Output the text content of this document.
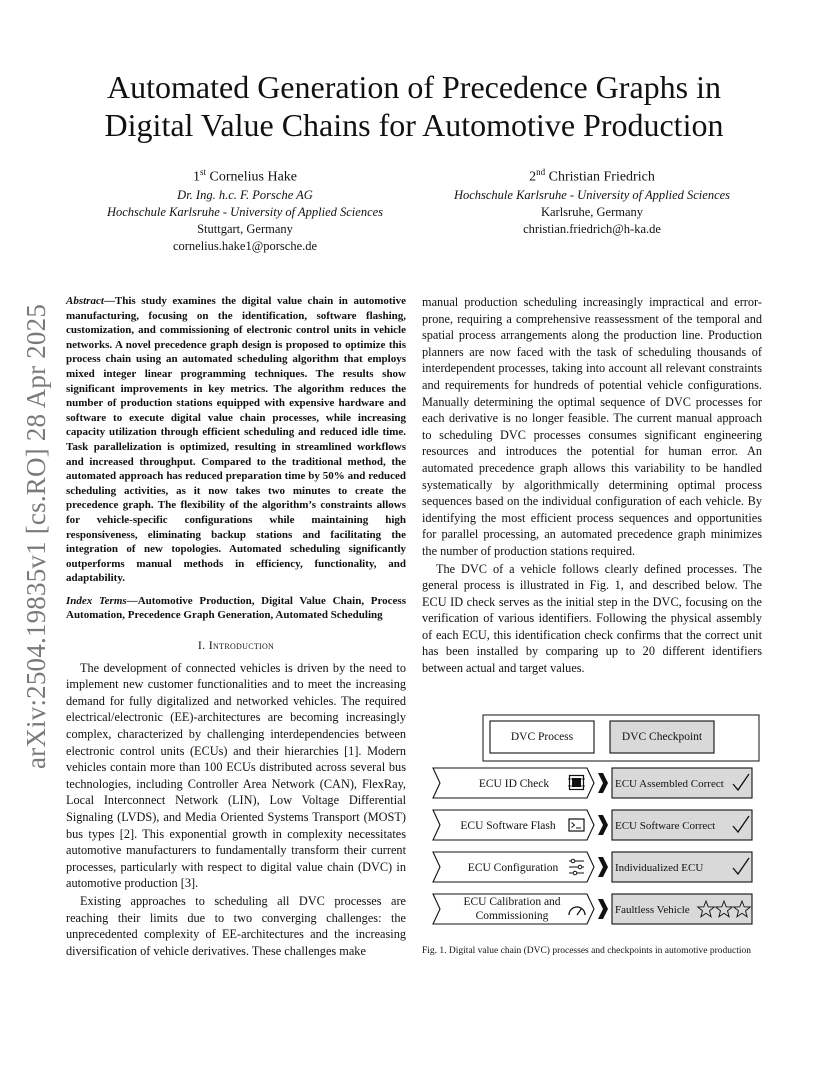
arXiv:2504.19835v1 [cs.RO] 28 Apr 2025
Automated Generation of Precedence Graphs in
Digital Value Chains for Automotive Production
1st Cornelius Hake
Dr. Ing. h.c. F. Porsche AG
Hochschule Karlsruhe - University of Applied Sciences
Stuttgart, Germany
cornelius.hake1@porsche.de
2nd Christian Friedrich
Hochschule Karlsruhe - University of Applied Sciences
Karlsruhe, Germany
christian.friedrich@h-ka.de

Abstract—This study examines the digital value chain in automotive manufacturing, focusing on the identification, software flashing, customization, and commissioning of electronic control units in vehicle networks. A novel precedence graph design is proposed to optimize this process chain using an automated scheduling algorithm that employs mixed integer linear programming techniques. The results show significant improvements in key metrics. The algorithm reduces the number of production stations equipped with expensive hardware and software to execute digital value chain processes, while increasing capacity utilization through efficient scheduling and reduced idle time. Task parallelization is optimized, resulting in streamlined workflows and increased throughput. Compared to the traditional method, the automated approach has reduced preparation time by 50% and reduced scheduling activities, as it now takes two minutes to create the precedence graph. The flexibility of the algorithm’s constraints allows for vehicle-specific configurations while maintaining high responsiveness, eliminating backup stations and facilitating the integration of new topologies. Automated scheduling significantly outperforms manual methods in efficiency, functionality, and adaptability.

Index Terms—Automotive Production, Digital Value Chain, Process Automation, Precedence Graph Generation, Automated Scheduling

I. Introduction

The development of connected vehicles is driven by the need to implement new customer functionalities and to meet the increasing demand for fully digitalized and networked vehicles. The required electrical/electronic (EE)-architectures are becoming increasingly complex, characterized by challenging interdependencies between electronic control units (ECUs) and their hierarchies [1]. Modern vehicles contain more than 100 ECUs distributed across several bus technologies, including Controller Area Network (CAN), FlexRay, Local Interconnect Network (LIN), Low Voltage Differential Signaling (LVDS), and Media Oriented Systems Transport (MOST) bus types [2]. This exponential growth in complexity necessitates automotive manufacturers to fundamentally transform their current processes, particularly with respect to digital value chain (DVC) in automotive production [3].

Existing approaches to scheduling all DVC processes are reaching their limits due to two converging challenges: the unprecedented complexity of EE-architectures and the increasing diversification of vehicle derivatives. These challenges make

manual production scheduling increasingly impractical and error-prone, requiring a comprehensive reassessment of the temporal and spatial process arrangements along the production line. Production planners are now faced with the task of scheduling thousands of interdependent processes, taking into account all relevant constraints and requirements for hundreds of potential vehicle configurations. Manually determining the optimal sequence of DVC processes for each derivative is no longer feasible. The current manual approach to scheduling DVC processes consumes significant engineering resources and introduces the potential for human error. An automated precedence graph allows this variability to be handled systematically by algorithmically determining optimal process sequences based on the individual configuration of each vehicle. By identifying the most efficient process sequences and opportunities for parallel processing, an automated precedence graph minimizes the number of production stations required.

The DVC of a vehicle follows clearly defined processes. The general process is illustrated in Fig. 1, and described below. The ECU ID check serves as the initial step in the DVC, focusing on the verification of various identifiers. Following the physical assembly of each ECU, this identification check confirms that the correct unit has been installed by comparing up to 20 different identifiers between actual and target values.

DVC Process	DVC Checkpoint
ECU ID Check	ECU Assembled Correct
ECU Software Flash	ECU Software Correct
ECU Configuration	Individualized ECU
ECU Calibration and
Commissioning	Faultless Vehicle
Fig. 1. Digital value chain (DVC) processes and checkpoints in automotive production
